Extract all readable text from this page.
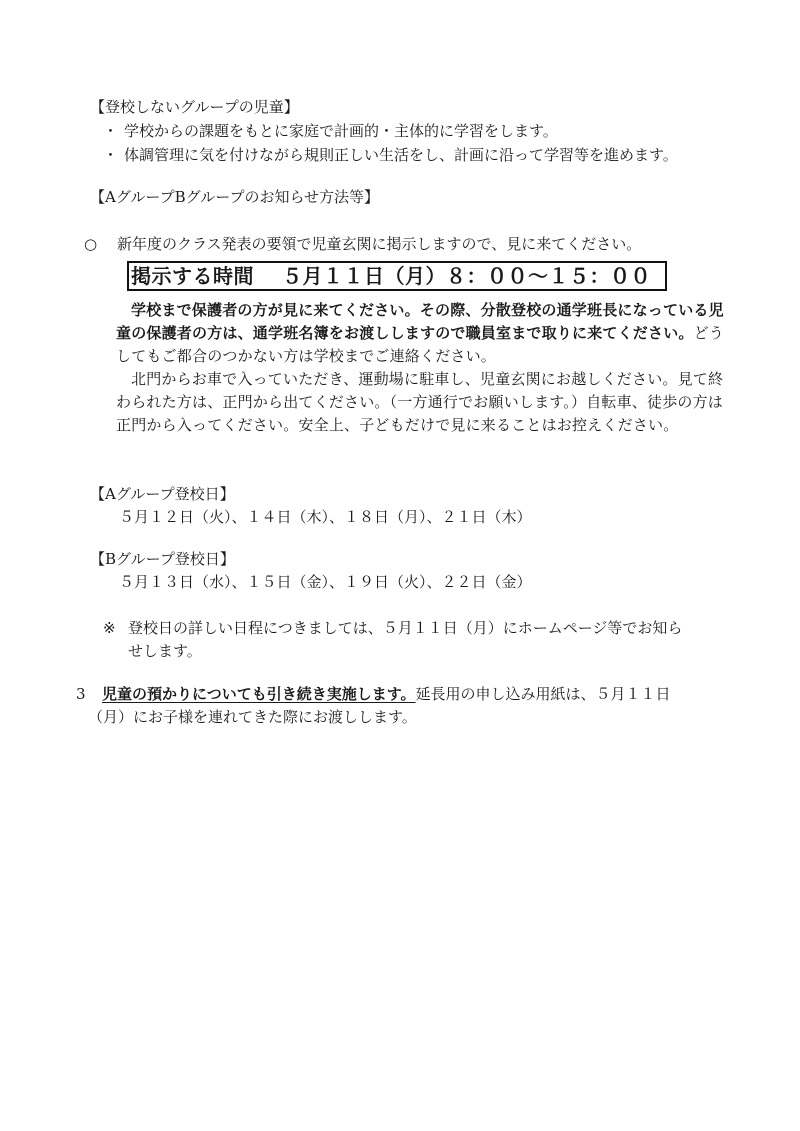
【登校しないグループの児童】
・ 学校からの課題をもとに家庭で計画的・主体的に学習をします。
・ 体調管理に気を付けながら規則正しい生活をし、計画に沿って学習等を進めます。
【AグループBグループのお知らせ方法等】
○ 新年度のクラス発表の要領で児童玄関に掲示しますので、見に来てください。
掲示する時間　 ５月１１日（月）８：００～１５：００
学校まで保護者の方が見に来てください。その際、分散登校の通学班長になっている児童の保護者の方は、通学班名簿をお渡ししますので職員室まで取りに来てください。どうしてもご都合のつかない方は学校までご連絡ください。
北門からお車で入っていただき、運動場に駐車し、児童玄関にお越しください。見て終わられた方は、正門から出てください。（一方通行でお願いします。）自転車、徒歩の方は正門から入ってください。安全上、子どもだけで見に来ることはお控えください。
【Aグループ登校日】
５月１２日（火）、１４日（木）、１８日（月）、２１日（木）
【Bグループ登校日】
５月１３日（水）、１５日（金）、１９日（火）、２２日（金）
※ 登校日の詳しい日程につきましては、５月１１日（月）にホームページ等でお知ら
せします。
3 児童の預かりについても引き続き実施します。延長用の申し込み用紙は、５月１１日
（月）にお子様を連れてきた際にお渡しします。
